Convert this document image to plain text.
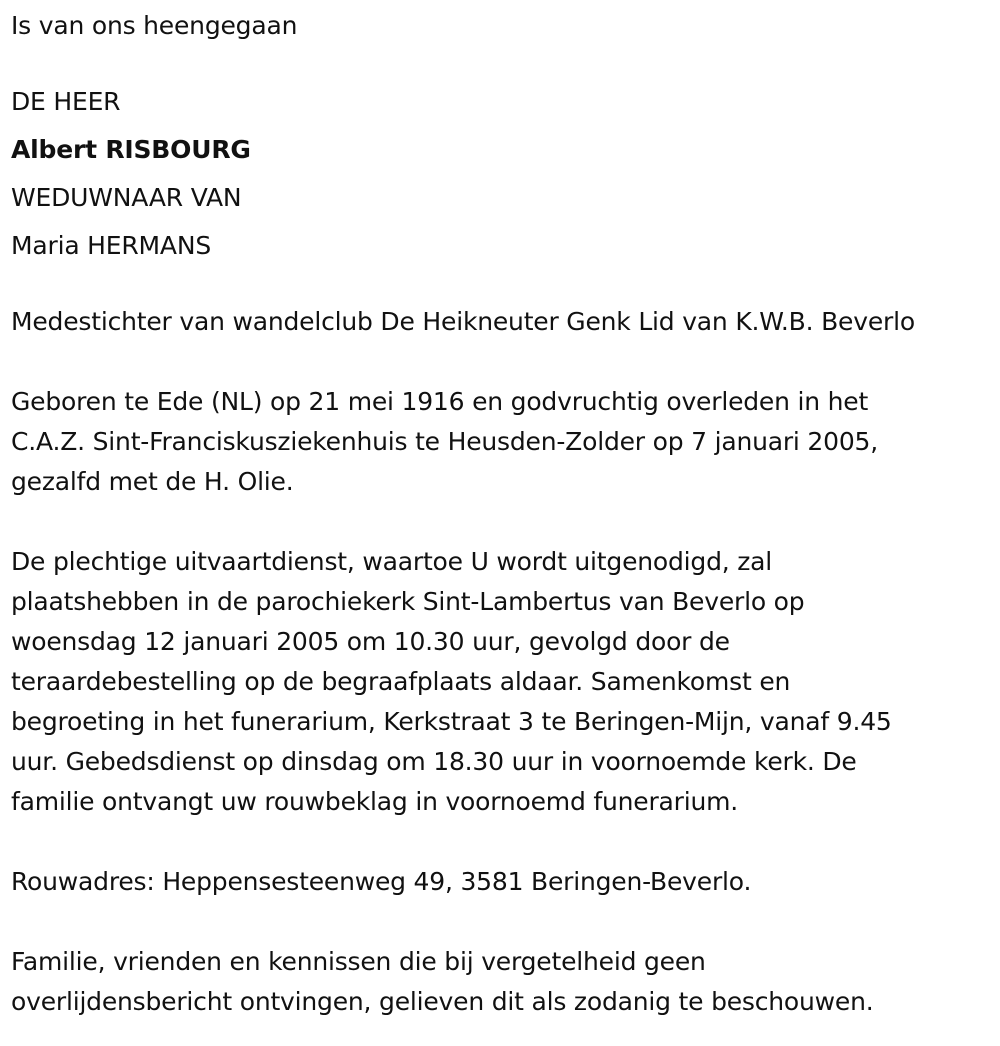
Is van ons heengegaan

DE HEER

Albert RISBOURG

WEDUWNAAR VAN

Maria HERMANS

Medestichter van wandelclub De Heikneuter Genk Lid van K.W.B. Beverlo

Geboren te Ede (NL) op 21 mei 1916 en godvruchtig overleden in het

C.A.Z. Sint-Franciskusziekenhuis te Heusden-Zolder op 7 januari 2005,

gezalfd met de H. Olie.

De plechtige uitvaartdienst, waartoe U wordt uitgenodigd, zal

plaatshebben in de parochiekerk Sint-Lambertus van Beverlo op

woensdag 12 januari 2005 om 10.30 uur, gevolgd door de

teraardebestelling op de begraafplaats aldaar. Samenkomst en

begroeting in het funerarium, Kerkstraat 3 te Beringen-Mijn, vanaf 9.45

uur. Gebedsdienst op dinsdag om 18.30 uur in voornoemde kerk. De

familie ontvangt uw rouwbeklag in voornoemd funerarium.

Rouwadres: Heppensesteenweg 49, 3581 Beringen-Beverlo.

Familie, vrienden en kennissen die bij vergetelheid geen

overlijdensbericht ontvingen, gelieven dit als zodanig te beschouwen.
